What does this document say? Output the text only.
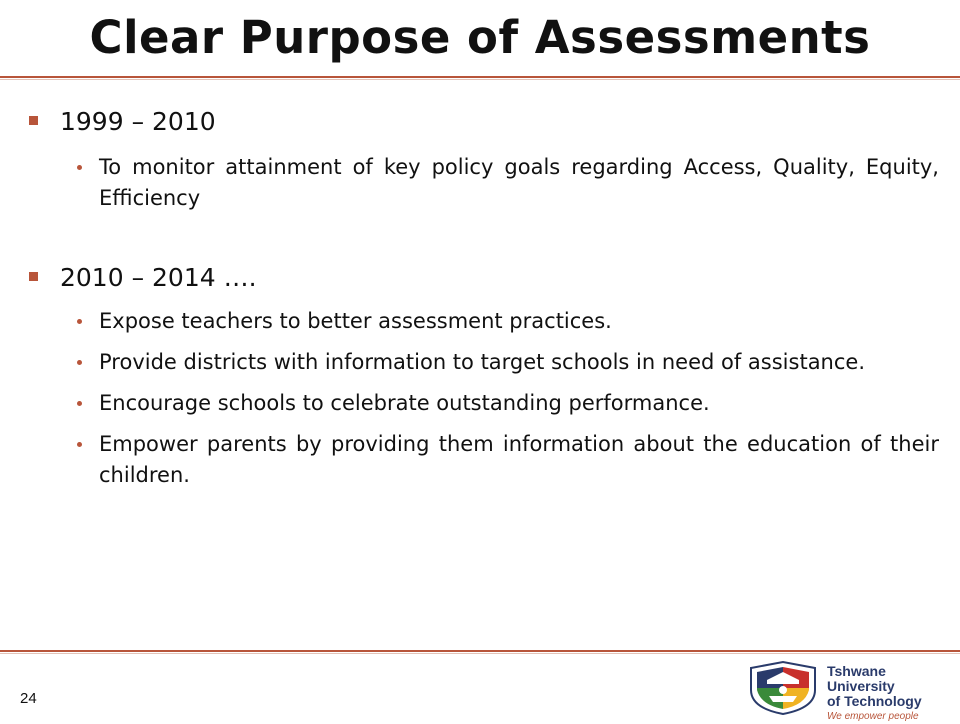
Clear Purpose of Assessments
1999 – 2010
To monitor attainment of key policy goals regarding Access, Quality, Equity, Efficiency
2010 – 2014 ….
Expose teachers to better assessment practices.
Provide districts with information to target schools in need of assistance.
Encourage schools to celebrate outstanding performance.
Empower parents by providing them information about the education of their children.
24
Tshwane University
of Technology
We empower people
